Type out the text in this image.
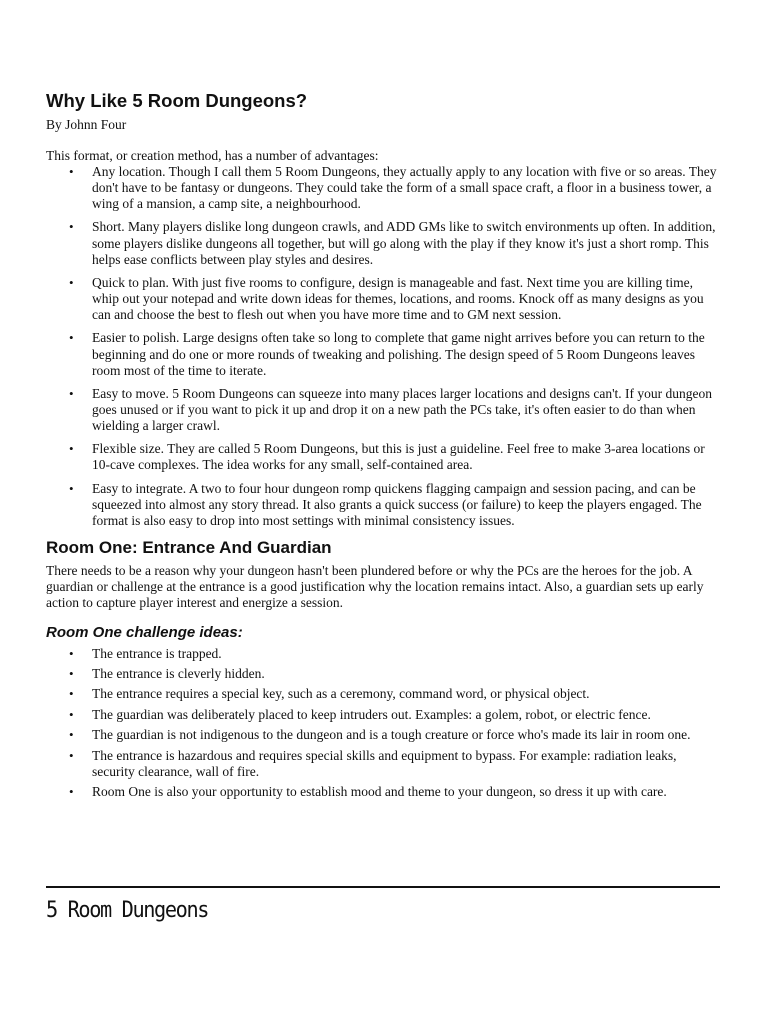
Why Like 5 Room Dungeons?
By Johnn Four
This format, or creation method, has a number of advantages:
• Any location. Though I call them 5 Room Dungeons, they actually apply to any location with five or so areas. They don't have to be fantasy or dungeons. They could take the form of a small space craft, a floor in a business tower, a wing of a mansion, a camp site, a neighbourhood.
• Short. Many players dislike long dungeon crawls, and ADD GMs like to switch environments up often. In addition, some players dislike dungeons all together, but will go along with the play if they know it's just a short romp. This helps ease conflicts between play styles and desires.
• Quick to plan. With just five rooms to configure, design is manageable and fast. Next time you are killing time, whip out your notepad and write down ideas for themes, locations, and rooms. Knock off as many designs as you can and choose the best to flesh out when you have more time and to GM next session.
• Easier to polish. Large designs often take so long to complete that game night arrives before you can return to the beginning and do one or more rounds of tweaking and polishing. The design speed of 5 Room Dungeons leaves room most of the time to iterate.
• Easy to move. 5 Room Dungeons can squeeze into many places larger locations and designs can't. If your dungeon goes unused or if you want to pick it up and drop it on a new path the PCs take, it's often easier to do than when wielding a larger crawl.
• Flexible size. They are called 5 Room Dungeons, but this is just a guideline. Feel free to make 3-area locations or 10-cave complexes. The idea works for any small, self-contained area.
• Easy to integrate. A two to four hour dungeon romp quickens flagging campaign and session pacing, and can be squeezed into almost any story thread. It also grants a quick success (or failure) to keep the players engaged. The format is also easy to drop into most settings with minimal consistency issues.
Room One: Entrance And Guardian
There needs to be a reason why your dungeon hasn't been plundered before or why the PCs are the heroes for the job. A guardian or challenge at the entrance is a good justification why the location remains intact. Also, a guardian sets up early action to capture player interest and energize a session.
Room One challenge ideas:
• The entrance is trapped.
• The entrance is cleverly hidden.
• The entrance requires a special key, such as a ceremony, command word, or physical object.
• The guardian was deliberately placed to keep intruders out. Examples: a golem, robot, or electric fence.
• The guardian is not indigenous to the dungeon and is a tough creature or force who's made its lair in room one.
• The entrance is hazardous and requires special skills and equipment to bypass. For example: radiation leaks, security clearance, wall of fire.
• Room One is also your opportunity to establish mood and theme to your dungeon, so dress it up with care.
5 Room Dungeons
